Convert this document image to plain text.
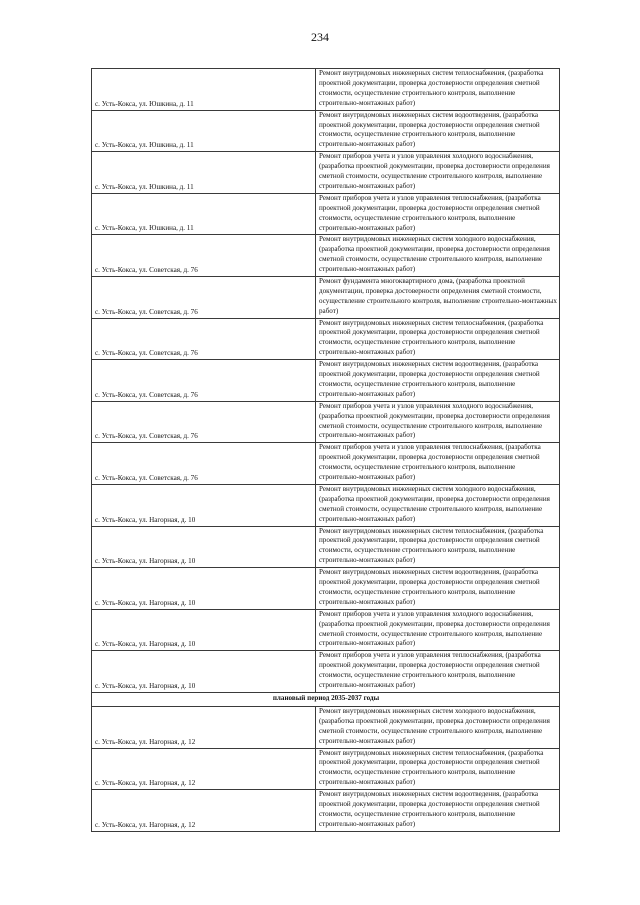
234
с. Усть-Кокса, ул. Юшкина, д. 11	Ремонт внутридомовых инженерных систем теплоснабжения, (разработка проектной документации, проверка достоверности определения сметной стоимости, осуществление строительного контроля, выполнение строительно-монтажных работ)
с. Усть-Кокса, ул. Юшкина, д. 11	Ремонт внутридомовых инженерных систем водоотведения, (разработка проектной документации, проверка достоверности определения сметной стоимости, осуществление строительного контроля, выполнение строительно-монтажных работ)
с. Усть-Кокса, ул. Юшкина, д. 11	Ремонт приборов учета и узлов управления холодного водоснабжения, (разработка проектной документации, проверка достоверности определения сметной стоимости, осуществление строительного контроля, выполнение строительно-монтажных работ)
с. Усть-Кокса, ул. Юшкина, д. 11	Ремонт приборов учета и узлов управления теплоснабжения, (разработка проектной документации, проверка достоверности определения сметной стоимости, осуществление строительного контроля, выполнение строительно-монтажных работ)
с. Усть-Кокса, ул. Советская, д. 76	Ремонт внутридомовых инженерных систем холодного водоснабжения, (разработка проектной документации, проверка достоверности определения сметной стоимости, осуществление строительного контроля, выполнение строительно-монтажных работ)
с. Усть-Кокса, ул. Советская, д. 76	Ремонт фундамента многоквартирного дома, (разработка проектной документации, проверка достоверности определения сметной стоимости, осуществление строительного контроля, выполнение строительно-монтажных работ)
с. Усть-Кокса, ул. Советская, д. 76	Ремонт внутридомовых инженерных систем теплоснабжения, (разработка проектной документации, проверка достоверности определения сметной стоимости, осуществление строительного контроля, выполнение строительно-монтажных работ)
с. Усть-Кокса, ул. Советская, д. 76	Ремонт внутридомовых инженерных систем водоотведения, (разработка проектной документации, проверка достоверности определения сметной стоимости, осуществление строительного контроля, выполнение строительно-монтажных работ)
с. Усть-Кокса, ул. Советская, д. 76	Ремонт приборов учета и узлов управления холодного водоснабжения, (разработка проектной документации, проверка достоверности определения сметной стоимости, осуществление строительного контроля, выполнение строительно-монтажных работ)
с. Усть-Кокса, ул. Советская, д. 76	Ремонт приборов учета и узлов управления теплоснабжения, (разработка проектной документации, проверка достоверности определения сметной стоимости, осуществление строительного контроля, выполнение строительно-монтажных работ)
с. Усть-Кокса, ул. Нагорная, д. 10	Ремонт внутридомовых инженерных систем холодного водоснабжения, (разработка проектной документации, проверка достоверности определения сметной стоимости, осуществление строительного контроля, выполнение строительно-монтажных работ)
с. Усть-Кокса, ул. Нагорная, д. 10	Ремонт внутридомовых инженерных систем теплоснабжения, (разработка проектной документации, проверка достоверности определения сметной стоимости, осуществление строительного контроля, выполнение строительно-монтажных работ)
с. Усть-Кокса, ул. Нагорная, д. 10	Ремонт внутридомовых инженерных систем водоотведения, (разработка проектной документации, проверка достоверности определения сметной стоимости, осуществление строительного контроля, выполнение строительно-монтажных работ)
с. Усть-Кокса, ул. Нагорная, д. 10	Ремонт приборов учета и узлов управления холодного водоснабжения, (разработка проектной документации, проверка достоверности определения сметной стоимости, осуществление строительного контроля, выполнение строительно-монтажных работ)
с. Усть-Кокса, ул. Нагорная, д. 10	Ремонт приборов учета и узлов управления теплоснабжения, (разработка проектной документации, проверка достоверности определения сметной стоимости, осуществление строительного контроля, выполнение строительно-монтажных работ)
плановый период 2035-2037 годы	
с. Усть-Кокса, ул. Нагорная, д. 12	Ремонт внутридомовых инженерных систем холодного водоснабжения, (разработка проектной документации, проверка достоверности определения сметной стоимости, осуществление строительного контроля, выполнение строительно-монтажных работ)
с. Усть-Кокса, ул. Нагорная, д. 12	Ремонт внутридомовых инженерных систем теплоснабжения, (разработка проектной документации, проверка достоверности определения сметной стоимости, осуществление строительного контроля, выполнение строительно-монтажных работ)
с. Усть-Кокса, ул. Нагорная, д. 12	Ремонт внутридомовых инженерных систем водоотведения, (разработка проектной документации, проверка достоверности определения сметной стоимости, осуществление строительного контроля, выполнение строительно-монтажных работ)
